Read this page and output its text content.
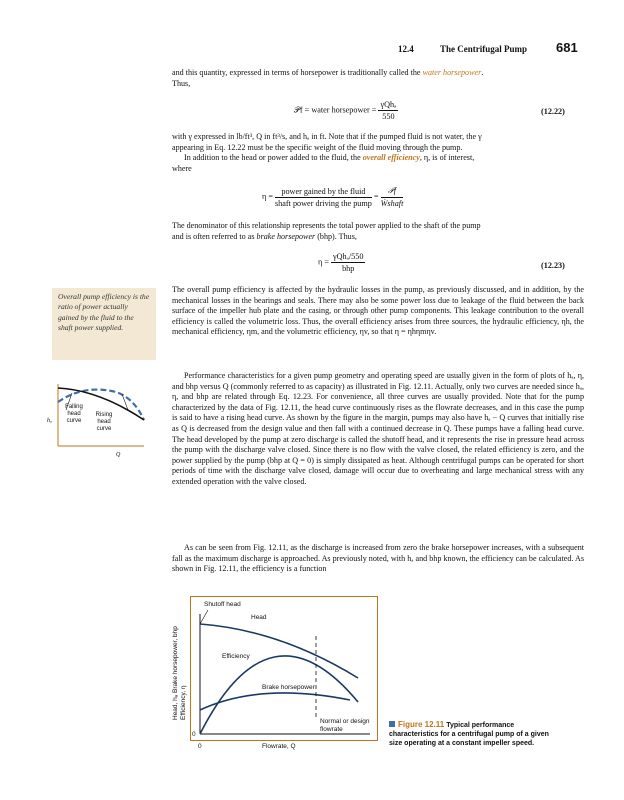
12.4	The Centrifugal Pump 681

and this quantity, expressed in terms of horsepower is traditionally called the water horsepower.

Thus,

𝒫f = water horsepower = $\frac{\text{γQhₐ}}{550}$	(12.22)

with γ expressed in lb/ft³, Q in ft³/s, and hₐ in ft. Note that if the pumped fluid is not water, the γ

appearing in Eq. 12.22 must be the specific weight of the fluid moving through the pump.

In addition to the head or power added to the fluid, the overall efficiency, η, is of interest,

where

$\eta = \frac{\text{power gained by the fluid}}{\text{shaft power driving the pump}} = \frac{\text{𝒫f}}{\text{Ẇshaft}}$

The denominator of this relationship represents the total power applied to the shaft of the pump

and is often referred to as brake horsepower (bhp). Thus,

$\eta = \frac{\text{γQhₐ/550}}{\text{bhp}}$	(12.23)
Overall pump efficiency is the ratio of power actually gained by the fluid to the shaft power supplied.

The overall pump efficiency is affected by the hydraulic losses in the pump, as previously discussed, and in addition, by the mechanical losses in the bearings and seals. There may also be some power loss due to leakage of the fluid between the back surface of the impeller hub plate and the casing, or through other pump components. This leakage contribution to the overall efficiency is called the volumetric loss. Thus, the overall efficiency arises from three sources, the hydraulic efficiency, ηh, the mechanical efficiency, ηm, and the volumetric efficiency, ηv, so that η = ηhηmηv.

Performance characteristics for a given pump geometry and operating speed are usually given in the form of plots of hₐ, η, and bhp versus Q (commonly referred to as capacity) as illustrated in Fig. 12.11. Actually, only two curves are needed since hₐ, η, and bhp are related through Eq. 12.23. For convenience, all three curves are usually provided. Note that for the pump characterized by the data of Fig. 12.11, the head curve continuously rises as the flowrate decreases, and in this case the pump is said to have a rising head curve. As shown by the figure in the margin, pumps may also have hₐ − Q curves that initially rise as Q is decreased from the design value and then fall with a continued decrease in Q. These pumps have a falling head curve. The head developed by the pump at zero discharge is called the shutoff head, and it represents the rise in pressure head across the pump with the discharge valve closed. Since there is no flow with the valve closed, the related efficiency is zero, and the power supplied by the pump (bhp at Q = 0) is simply dissipated as heat. Although centrifugal pumps can be operated for short periods of time with the discharge valve closed, damage will occur due to overheating and large mechanical stress with any extended operation with the valve closed.

As can be seen from Fig. 12.11, as the discharge is increased from zero the brake horsepower increases, with a subsequent fall as the maximum discharge is approached. As previously noted, with hₐ and bhp known, the efficiency can be calculated. As shown in Fig. 12.11, the efficiency is a function

hₐ
Q
Falling head curve
Rising head curve
Shutoff head
Head
Efficiency
Brake horsepower
Normal or design flowrate
Head, hₐ Brake horsepower, bhp Efficiency, η
Flowrate, Q
0
0
Figure 12.11 Typical performance characteristics for a centrifugal pump of a given size operating at a constant impeller speed.
